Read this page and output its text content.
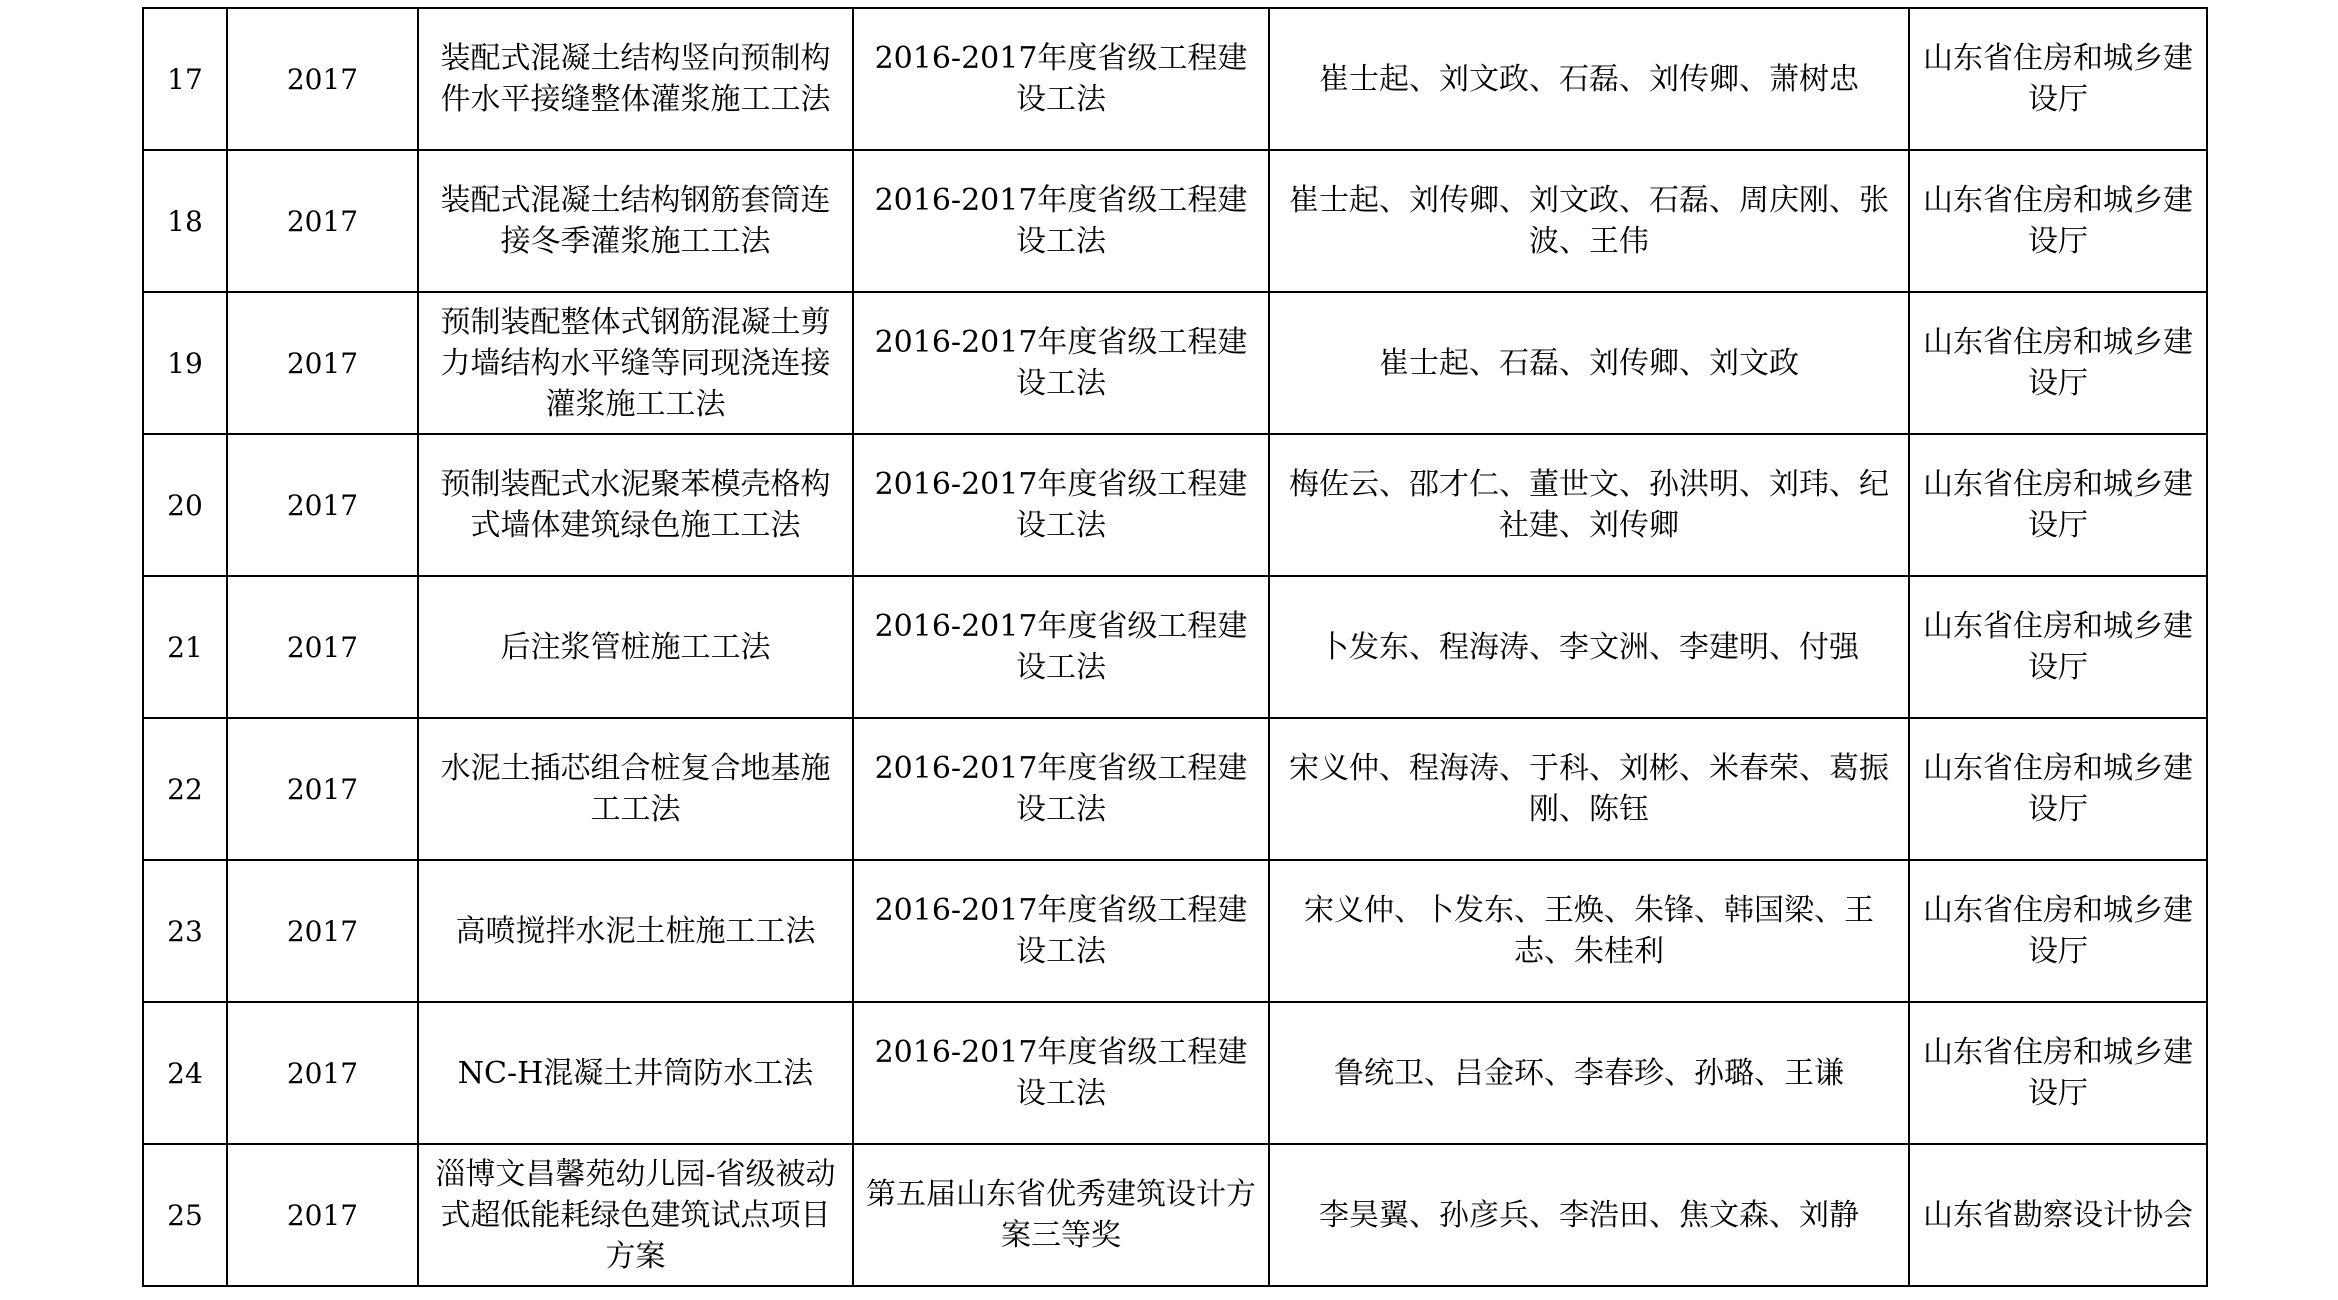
17	2017	装配式混凝土结构竖向预制构件水平接缝整体灌浆施工工法	2016-2017年度省级工程建设工法	崔士起、刘文政、石磊、刘传卿、萧树忠	山东省住房和城乡建设厅
18	2017	装配式混凝土结构钢筋套筒连接冬季灌浆施工工法	2016-2017年度省级工程建设工法	崔士起、刘传卿、刘文政、石磊、周庆刚、张波、王伟	山东省住房和城乡建设厅
19	2017	预制装配整体式钢筋混凝土剪力墙结构水平缝等同现浇连接灌浆施工工法	2016-2017年度省级工程建设工法	崔士起、石磊、刘传卿、刘文政	山东省住房和城乡建设厅
20	2017	预制装配式水泥聚苯模壳格构式墙体建筑绿色施工工法	2016-2017年度省级工程建设工法	梅佐云、邵才仁、董世文、孙洪明、刘玮、纪社建、刘传卿	山东省住房和城乡建设厅
21	2017	后注浆管桩施工工法	2016-2017年度省级工程建设工法	卜发东、程海涛、李文洲、李建明、付强	山东省住房和城乡建设厅
22	2017	水泥土插芯组合桩复合地基施工工法	2016-2017年度省级工程建设工法	宋义仲、程海涛、于科、刘彬、米春荣、葛振刚、陈钰	山东省住房和城乡建设厅
23	2017	高喷搅拌水泥土桩施工工法	2016-2017年度省级工程建设工法	宋义仲、卜发东、王焕、朱锋、韩国梁、王志、朱桂利	山东省住房和城乡建设厅
24	2017	NC-H混凝土井筒防水工法	2016-2017年度省级工程建设工法	鲁统卫、吕金环、李春珍、孙璐、王谦	山东省住房和城乡建设厅
25	2017	淄博文昌馨苑幼儿园-省级被动式超低能耗绿色建筑试点项目方案	第五届山东省优秀建筑设计方案三等奖	李昊翼、孙彦兵、李浩田、焦文森、刘静	山东省勘察设计协会
